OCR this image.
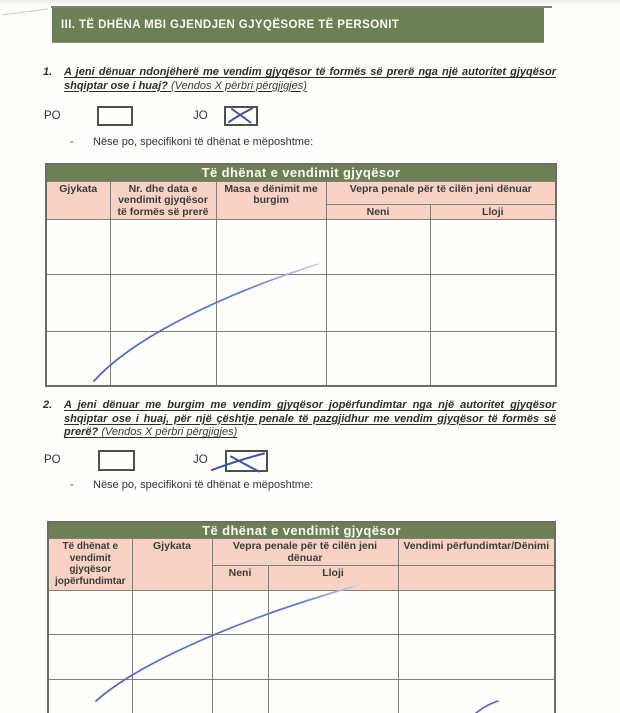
III. TË DHËNA MBI GJENDJEN GJYQËSORE TË PERSONIT
1. A jeni dënuar ndonjëherë me vendim gjyqësor të formës së prerë nga një autoritet gjyqësor shqiptar ose i huaj? (Vendos X përbri përgjigjes)
PO	JO
- Nëse po, specifikoni të dhënat e mëposhtme:
Të dhënat e vendimit gjyqësor				
Gjykata	Nr. dhe data e vendimit gjyqësor të formës së prerë	Masa e dënimit me burgim	Vepra penale për të cilën jeni dënuar	
			Neni	Lloji

2. A jeni dënuar me burgim me vendim gjyqësor jopërfundimtar nga një autoritet gjyqësor shqiptar ose i huaj, për një çështje penale të pazgjidhur me vendim gjyqësor të formës së prerë? (Vendos X përbri përgjigjes)
PO	JO
- Nëse po, specifikoni të dhënat e mëposhtme:
Të dhënat e vendimit gjyqësor				
Të dhënat e vendimit gjyqësor jopërfundimtar	Gjykata	Vepra penale për të cilën jeni dënuar		Vendimi përfundimtar/Dënimi
		Neni	Lloji	
